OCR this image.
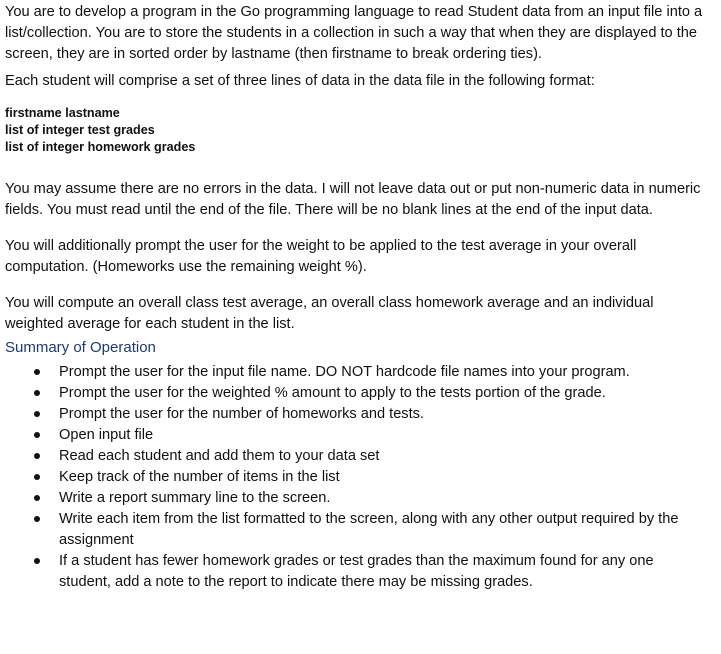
You are to develop a program in the Go programming language to read Student data from an input file into a list/collection. You are to store the students in a collection in such a way that when they are displayed to the screen, they are in sorted order by lastname (then firstname to break ordering ties).

Each student will comprise a set of three lines of data in the data file in the following format:

firstname lastname

list of integer test grades

list of integer homework grades

You may assume there are no errors in the data. I will not leave data out or put non-numeric data in numeric fields. You must read until the end of the file. There will be no blank lines at the end of the input data.

You will additionally prompt the user for the weight to be applied to the test average in your overall computation. (Homeworks use the remaining weight %).

You will compute an overall class test average, an overall class homework average and an individual weighted average for each student in the list.

Summary of Operation

Prompt the user for the input file name. DO NOT hardcode file names into your program.
Prompt the user for the weighted % amount to apply to the tests portion of the grade.
Prompt the user for the number of homeworks and tests.
Open input file
Read each student and add them to your data set
Keep track of the number of items in the list
Write a report summary line to the screen.
Write each item from the list formatted to the screen, along with any other output required by the assignment
If a student has fewer homework grades or test grades than the maximum found for any one student, add a note to the report to indicate there may be missing grades.
